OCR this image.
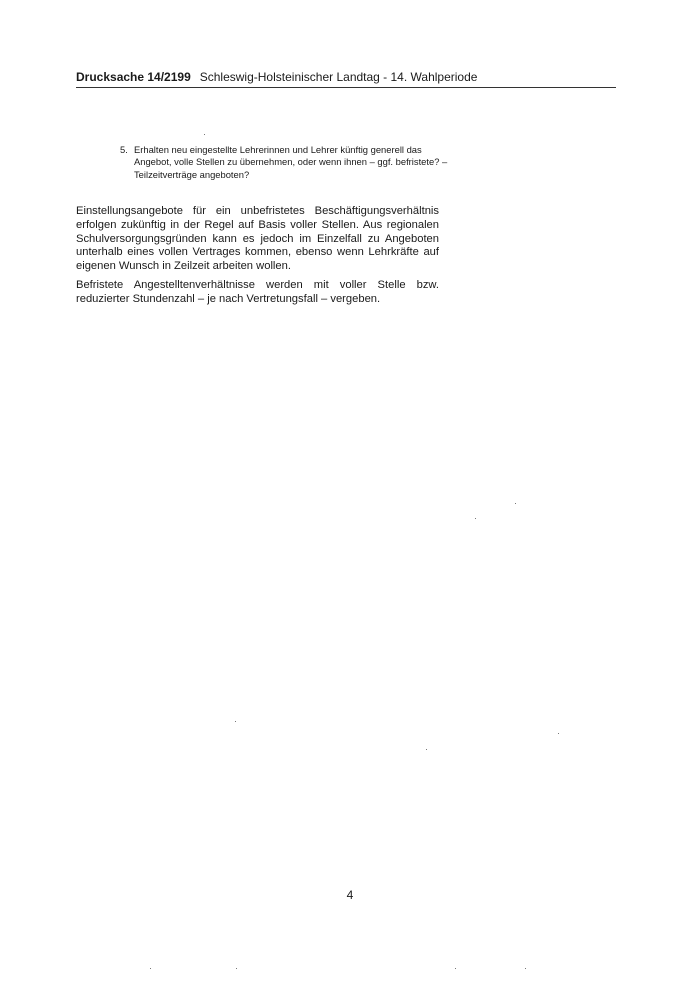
Drucksache 14/2199 Schleswig-Holsteinischer Landtag - 14. Wahlperiode
5. Erhalten neu eingestellte Lehrerinnen und Lehrer künftig generell das Angebot, volle Stellen zu übernehmen, oder wenn ihnen – ggf. befristete? – Teilzeitverträge angeboten?

Einstellungsangebote für ein unbefristetes Beschäftigungsverhältnis erfolgen zukünftig in der Regel auf Basis voller Stellen. Aus regionalen Schulversorgungsgründen kann es jedoch im Einzelfall zu Angeboten unterhalb eines vollen Vertrages kommen, ebenso wenn Lehrkräfte auf eigenen Wunsch in Zeilzeit arbeiten wollen.

Befristete Angestelltenverhältnisse werden mit voller Stelle bzw. reduzierter Stundenzahl – je nach Vertretungsfall – vergeben.

4
